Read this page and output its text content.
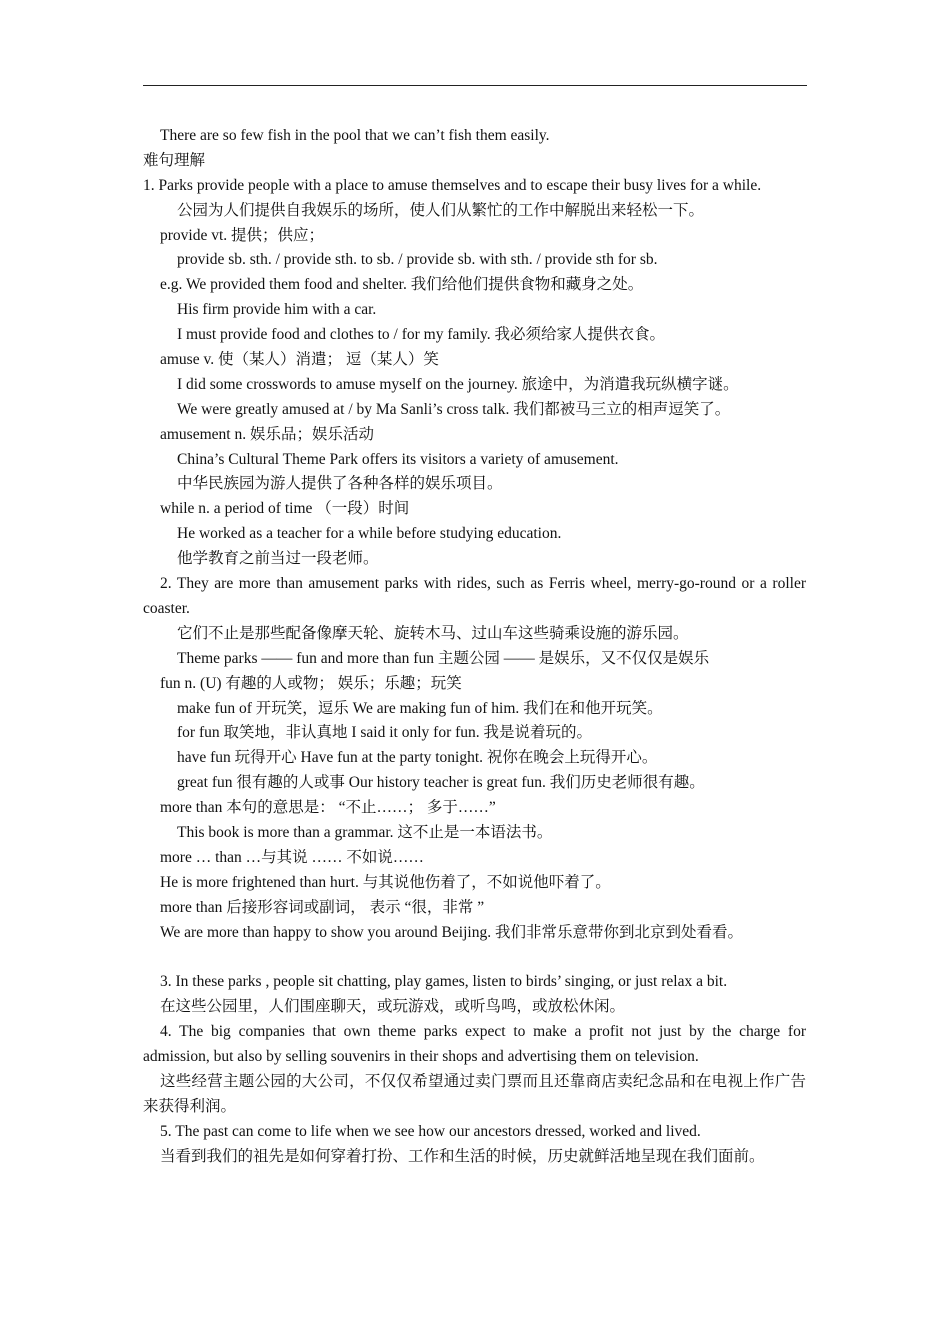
There are so few fish in the pool that we can’t fish them easily.
难句理解
1. Parks provide people with a place to amuse themselves and to escape their busy lives for a while.
公园为人们提供自我娱乐的场所，使人们从繁忙的工作中解脱出来轻松一下。
provide vt. 提供；供应；
provide sb. sth. / provide sth. to sb. / provide sb. with sth. / provide sth for sb.
e.g. We provided them food and shelter. 我们给他们提供食物和藏身之处。
His firm provide him with a car.
I must provide food and clothes to / for my family. 我必须给家人提供衣食。
amuse v. 使（某人）消遣； 逗（某人）笑
I did some crosswords to amuse myself on the journey. 旅途中，为消遣我玩纵横字谜。
We were greatly amused at / by Ma Sanli’s cross talk. 我们都被马三立的相声逗笑了。
amusement n. 娱乐品；娱乐活动
China’s Cultural Theme Park offers its visitors a variety of amusement.
中华民族园为游人提供了各种各样的娱乐项目。
while n. a period of time （一段）时间
He worked as a teacher for a while before studying education.
他学教育之前当过一段老师。
2. They are more than amusement parks with rides, such as Ferris wheel, merry-go-round or a roller coaster.
它们不止是那些配备像摩天轮、旋转木马、过山车这些骑乘设施的游乐园。
Theme parks —— fun and more than fun 主题公园 —— 是娱乐，又不仅仅是娱乐
fun n. (U) 有趣的人或物； 娱乐；乐趣；玩笑
make fun of 开玩笑，逗乐 We are making fun of him. 我们在和他开玩笑。
for fun 取笑地，非认真地 I said it only for fun. 我是说着玩的。
have fun 玩得开心 Have fun at the party tonight. 祝你在晚会上玩得开心。
great fun 很有趣的人或事 Our history teacher is great fun. 我们历史老师很有趣。
more than 本句的意思是： “不止……； 多于……”
This book is more than a grammar. 这不止是一本语法书。
more … than …与其说 …… 不如说……
He is more frightened than hurt. 与其说他伤着了，不如说他吓着了。
more than 后接形容词或副词， 表示 “很，非常 ”
We are more than happy to show you around Beijing. 我们非常乐意带你到北京到处看看。
3. In these parks , people sit chatting, play games, listen to birds’ singing, or just relax a bit.
在这些公园里，人们围座聊天，或玩游戏，或听鸟鸣，或放松休闲。
4. The big companies that own theme parks expect to make a profit not just by the charge for admission, but also by selling souvenirs in their shops and advertising them on television.
这些经营主题公园的大公司，不仅仅希望通过卖门票而且还靠商店卖纪念品和在电视上作广告来获得利润。
5. The past can come to life when we see how our ancestors dressed, worked and lived.
当看到我们的祖先是如何穿着打扮、工作和生活的时候，历史就鲜活地呈现在我们面前。
